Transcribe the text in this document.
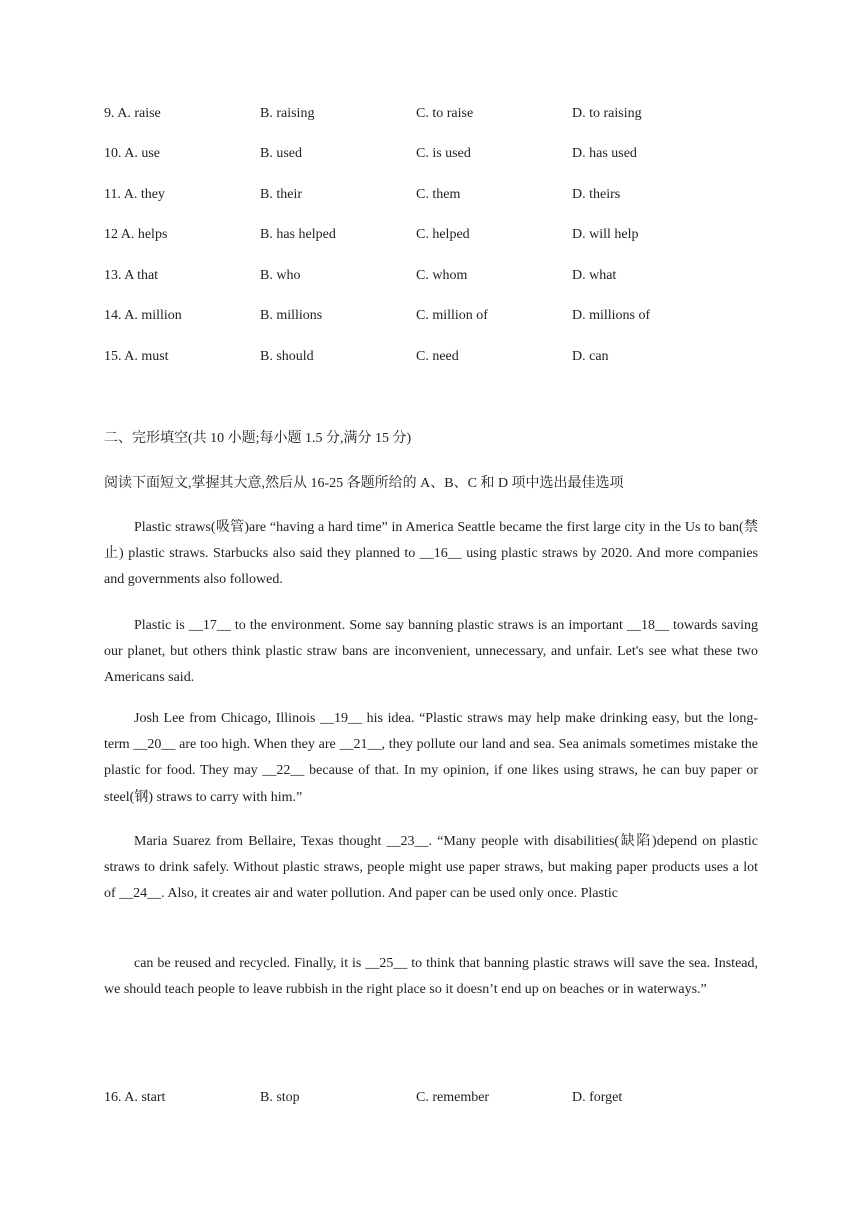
9. A. raise	B. raising	C. to raise	D. to raising
10. A. use	B. used	C. is used	D. has used
11. A. they	B. their	C. them	D. theirs
12 A. helps	B. has helped	C. helped	D. will help
13. A that	B. who	C. whom	D. what
14. A. million	B. millions	C. million of	D. millions of
15. A. must	B. should	C. need	D. can
二、完形填空(共 10 小题;每小题 1.5 分,满分 15 分)
阅读下面短文,掌握其大意,然后从 16-25 各题所给的 A、B、C 和 D 项中选出最佳选项

Plastic straws(吸管)are “having a hard time” in America Seattle became the first large city in the Us to ban(禁止) plastic straws. Starbucks also said they planned to __16__ using plastic straws by 2020. And more companies and governments also followed.

Plastic is __17__ to the environment. Some say banning plastic straws is an important __18__ towards saving our planet, but others think plastic straw bans are inconvenient, unnecessary, and unfair. Let's see what these two Americans said.

Josh Lee from Chicago, Illinois __19__ his idea. “Plastic straws may help make drinking easy, but the long-term __20__ are too high. When they are __21__, they pollute our land and sea. Sea animals sometimes mistake the plastic for food. They may __22__ because of that. In my opinion, if one likes using straws, he can buy paper or steel(钢) straws to carry with him.”

Maria Suarez from Bellaire, Texas thought __23__. “Many people with disabilities(缺陷)depend on plastic straws to drink safely. Without plastic straws, people might use paper straws, but making paper products uses a lot of __24__. Also, it creates air and water pollution. And paper can be used only once. Plastic

can be reused and recycled. Finally, it is __25__ to think that banning plastic straws will save the sea. Instead, we should teach people to leave rubbish in the right place so it doesn’t end up on beaches or in waterways.”

16. A. start	B. stop	C. remember	D. forget
